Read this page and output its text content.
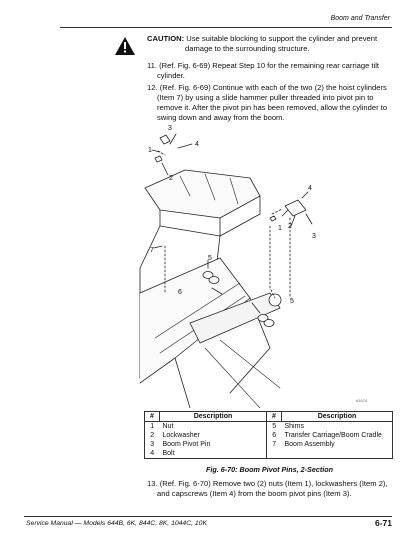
Boom and Transfer
CAUTION: Use suitable blocking to support the cylinder and prevent
damage to the surrounding structure.
11. (Ref. Fig. 6-69) Repeat Step 10 for the remaining rear carriage tilt
cylinder.
12. (Ref. Fig. 6-69) Continue with each of the two (2) the hoist cylinders
(Item 7) by using a slide hammer puller threaded into pivot pin to
remove it. After the pivot pin has been removed, allow the cylinder to
swing down and away from the boom.
3
4
1
2
4
1 2
3
7
5
6
5
#1674
#	Description	#	Description
1	Nut	5	Shims
2	Lockwasher	6	Transfer Carriage/Boom Cradle
3	Boom Pivot Pin	7	Boom Assembly
4	Bolt		
Fig. 6-70: Boom Pivot Pins, 2-Section
13. (Ref. Fig. 6-70) Remove two (2) nuts (Item 1), lockwashers (Item 2),
and capscrews (Item 4) from the boom pivot pins (Item 3).
Service Manual — Models 644B, 6K, 844C, 8K, 1044C, 10K	6-71
